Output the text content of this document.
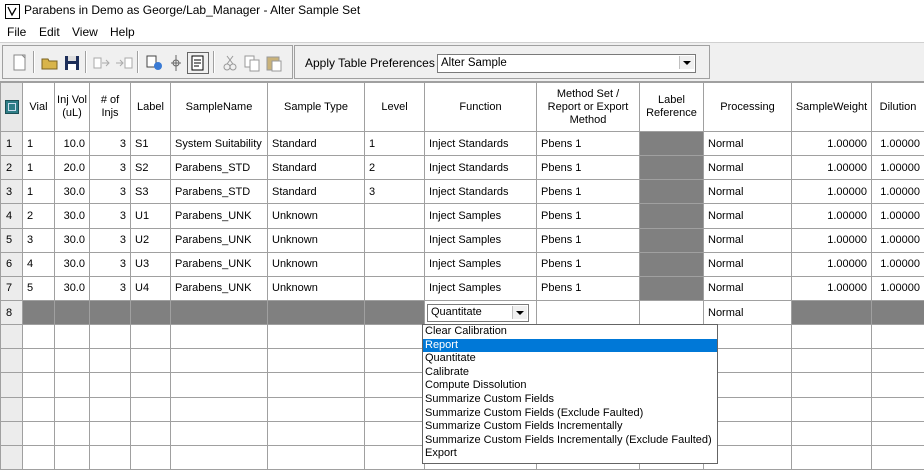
Parabens in Demo as George/Lab_Manager - Alter Sample Set
File Edit View Help
Apply Table Preferences Alter Sample
	Vial	Inj Vol (uL)	# of Injs	Label	SampleName	Sample Type	Level	Function	Method Set / Report or Export Method	Label Reference	Processing	SampleWeight	Dilution
1	1	10.0	3	S1	System Suitability	Standard	1	Inject Standards	Pbens 1		Normal	1.00000	1.00000
2	1	20.0	3	S2	Parabens_STD	Standard	2	Inject Standards	Pbens 1		Normal	1.00000	1.00000
3	1	30.0	3	S3	Parabens_STD	Standard	3	Inject Standards	Pbens 1		Normal	1.00000	1.00000
4	2	30.0	3	U1	Parabens_UNK	Unknown		Inject Samples	Pbens 1		Normal	1.00000	1.00000
5	3	30.0	3	U2	Parabens_UNK	Unknown		Inject Samples	Pbens 1		Normal	1.00000	1.00000
6	4	30.0	3	U3	Parabens_UNK	Unknown		Inject Samples	Pbens 1		Normal	1.00000	1.00000
7	5	30.0	3	U4	Parabens_UNK	Unknown		Inject Samples	Pbens 1		Normal	1.00000	1.00000
8								Quantitate			Normal		

Clear Calibration
Report
Quantitate
Calibrate
Compute Dissolution
Summarize Custom Fields
Summarize Custom Fields (Exclude Faulted)
Summarize Custom Fields Incrementally
Summarize Custom Fields Incrementally (Exclude Faulted)
Export
